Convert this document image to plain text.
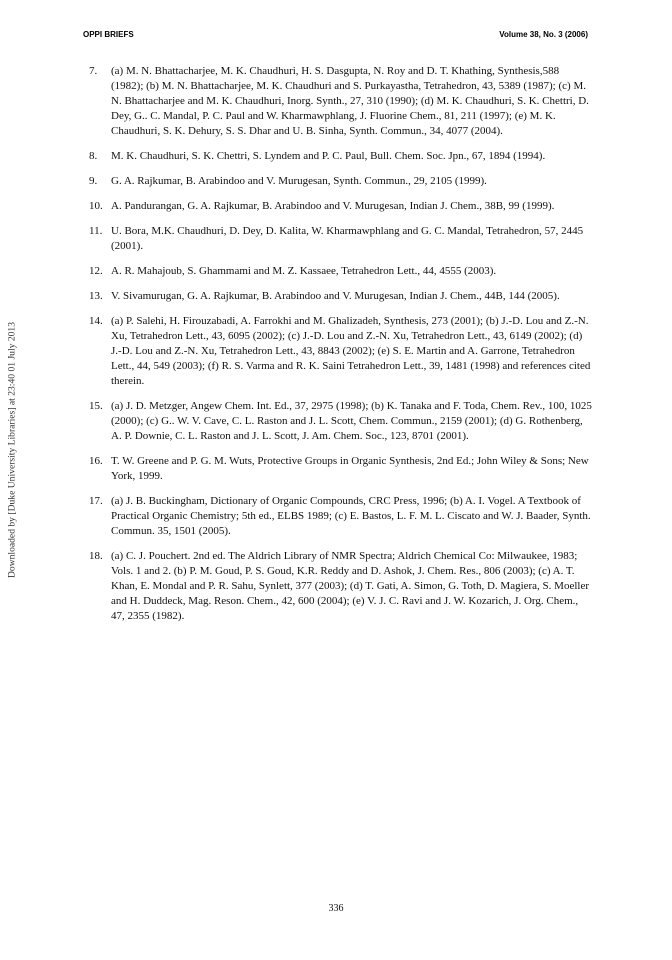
OPPI BRIEFS	Volume 38, No. 3 (2006)
Downloaded by [Duke University Libraries] at 23:40 01 July 2013
7. (a) M. N. Bhattacharjee, M. K. Chaudhuri, H. S. Dasgupta, N. Roy and D. T. Khathing, Synthesis,588 (1982); (b) M. N. Bhattacharjee, M. K. Chaudhuri and S. Purkayastha, Tetrahedron, 43, 5389 (1987); (c) M. N. Bhattacharjee and M. K. Chaudhuri, Inorg. Synth., 27, 310 (1990); (d) M. K. Chaudhuri, S. K. Chettri, D. Dey, G.. C. Mandal, P. C. Paul and W. Kharmawphlang, J. Fluorine Chem., 81, 211 (1997); (e) M. K. Chaudhuri, S. K. Dehury, S. S. Dhar and U. B. Sinha, Synth. Commun., 34, 4077 (2004).
8. M. K. Chaudhuri, S. K. Chettri, S. Lyndem and P. C. Paul, Bull. Chem. Soc. Jpn., 67, 1894 (1994).
9. G. A. Rajkumar, B. Arabindoo and V. Murugesan, Synth. Commun., 29, 2105 (1999).
10. A. Pandurangan, G. A. Rajkumar, B. Arabindoo and V. Murugesan, Indian J. Chem., 38B, 99 (1999).
11. U. Bora, M.K. Chaudhuri, D. Dey, D. Kalita, W. Kharmawphlang and G. C. Mandal, Tetrahedron, 57, 2445 (2001).
12. A. R. Mahajoub, S. Ghammami and M. Z. Kassaee, Tetrahedron Lett., 44, 4555 (2003).
13. V. Sivamurugan, G. A. Rajkumar, B. Arabindoo and V. Murugesan, Indian J. Chem., 44B, 144 (2005).
14. (a) P. Salehi, H. Firouzabadi, A. Farrokhi and M. Ghalizadeh, Synthesis, 273 (2001); (b) J.-D. Lou and Z.-N. Xu, Tetrahedron Lett., 43, 6095 (2002); (c) J.-D. Lou and Z.-N. Xu, Tetrahedron Lett., 43, 6149 (2002); (d) J.-D. Lou and Z.-N. Xu, Tetrahedron Lett., 43, 8843 (2002); (e) S. E. Martin and A. Garrone, Tetrahedron Lett., 44, 549 (2003); (f) R. S. Varma and R. K. Saini Tetrahedron Lett., 39, 1481 (1998) and references cited therein.
15. (a) J. D. Metzger, Angew Chem. Int. Ed., 37, 2975 (1998); (b) K. Tanaka and F. Toda, Chem. Rev., 100, 1025 (2000); (c) G.. W. V. Cave, C. L. Raston and J. L. Scott, Chem. Commun., 2159 (2001); (d) G. Rothenberg, A. P. Downie, C. L. Raston and J. L. Scott, J. Am. Chem. Soc., 123, 8701 (2001).
16. T. W. Greene and P. G. M. Wuts, Protective Groups in Organic Synthesis, 2nd Ed.; John Wiley & Sons; New York, 1999.
17. (a) J. B. Buckingham, Dictionary of Organic Compounds, CRC Press, 1996; (b) A. I. Vogel. A Textbook of Practical Organic Chemistry; 5th ed., ELBS 1989; (c) E. Bastos, L. F. M. L. Ciscato and W. J. Baader, Synth. Commun. 35, 1501 (2005).
18. (a) C. J. Pouchert. 2nd ed. The Aldrich Library of NMR Spectra; Aldrich Chemical Co: Milwaukee, 1983; Vols. 1 and 2. (b) P. M. Goud, P. S. Goud, K.R. Reddy and D. Ashok, J. Chem. Res., 806 (2003); (c) A. T. Khan, E. Mondal and P. R. Sahu, Synlett, 377 (2003); (d) T. Gati, A. Simon, G. Toth, D. Magiera, S. Moeller and H. Duddeck, Mag. Reson. Chem., 42, 600 (2004); (e) V. J. C. Ravi and J. W. Kozarich, J. Org. Chem., 47, 2355 (1982).
336
